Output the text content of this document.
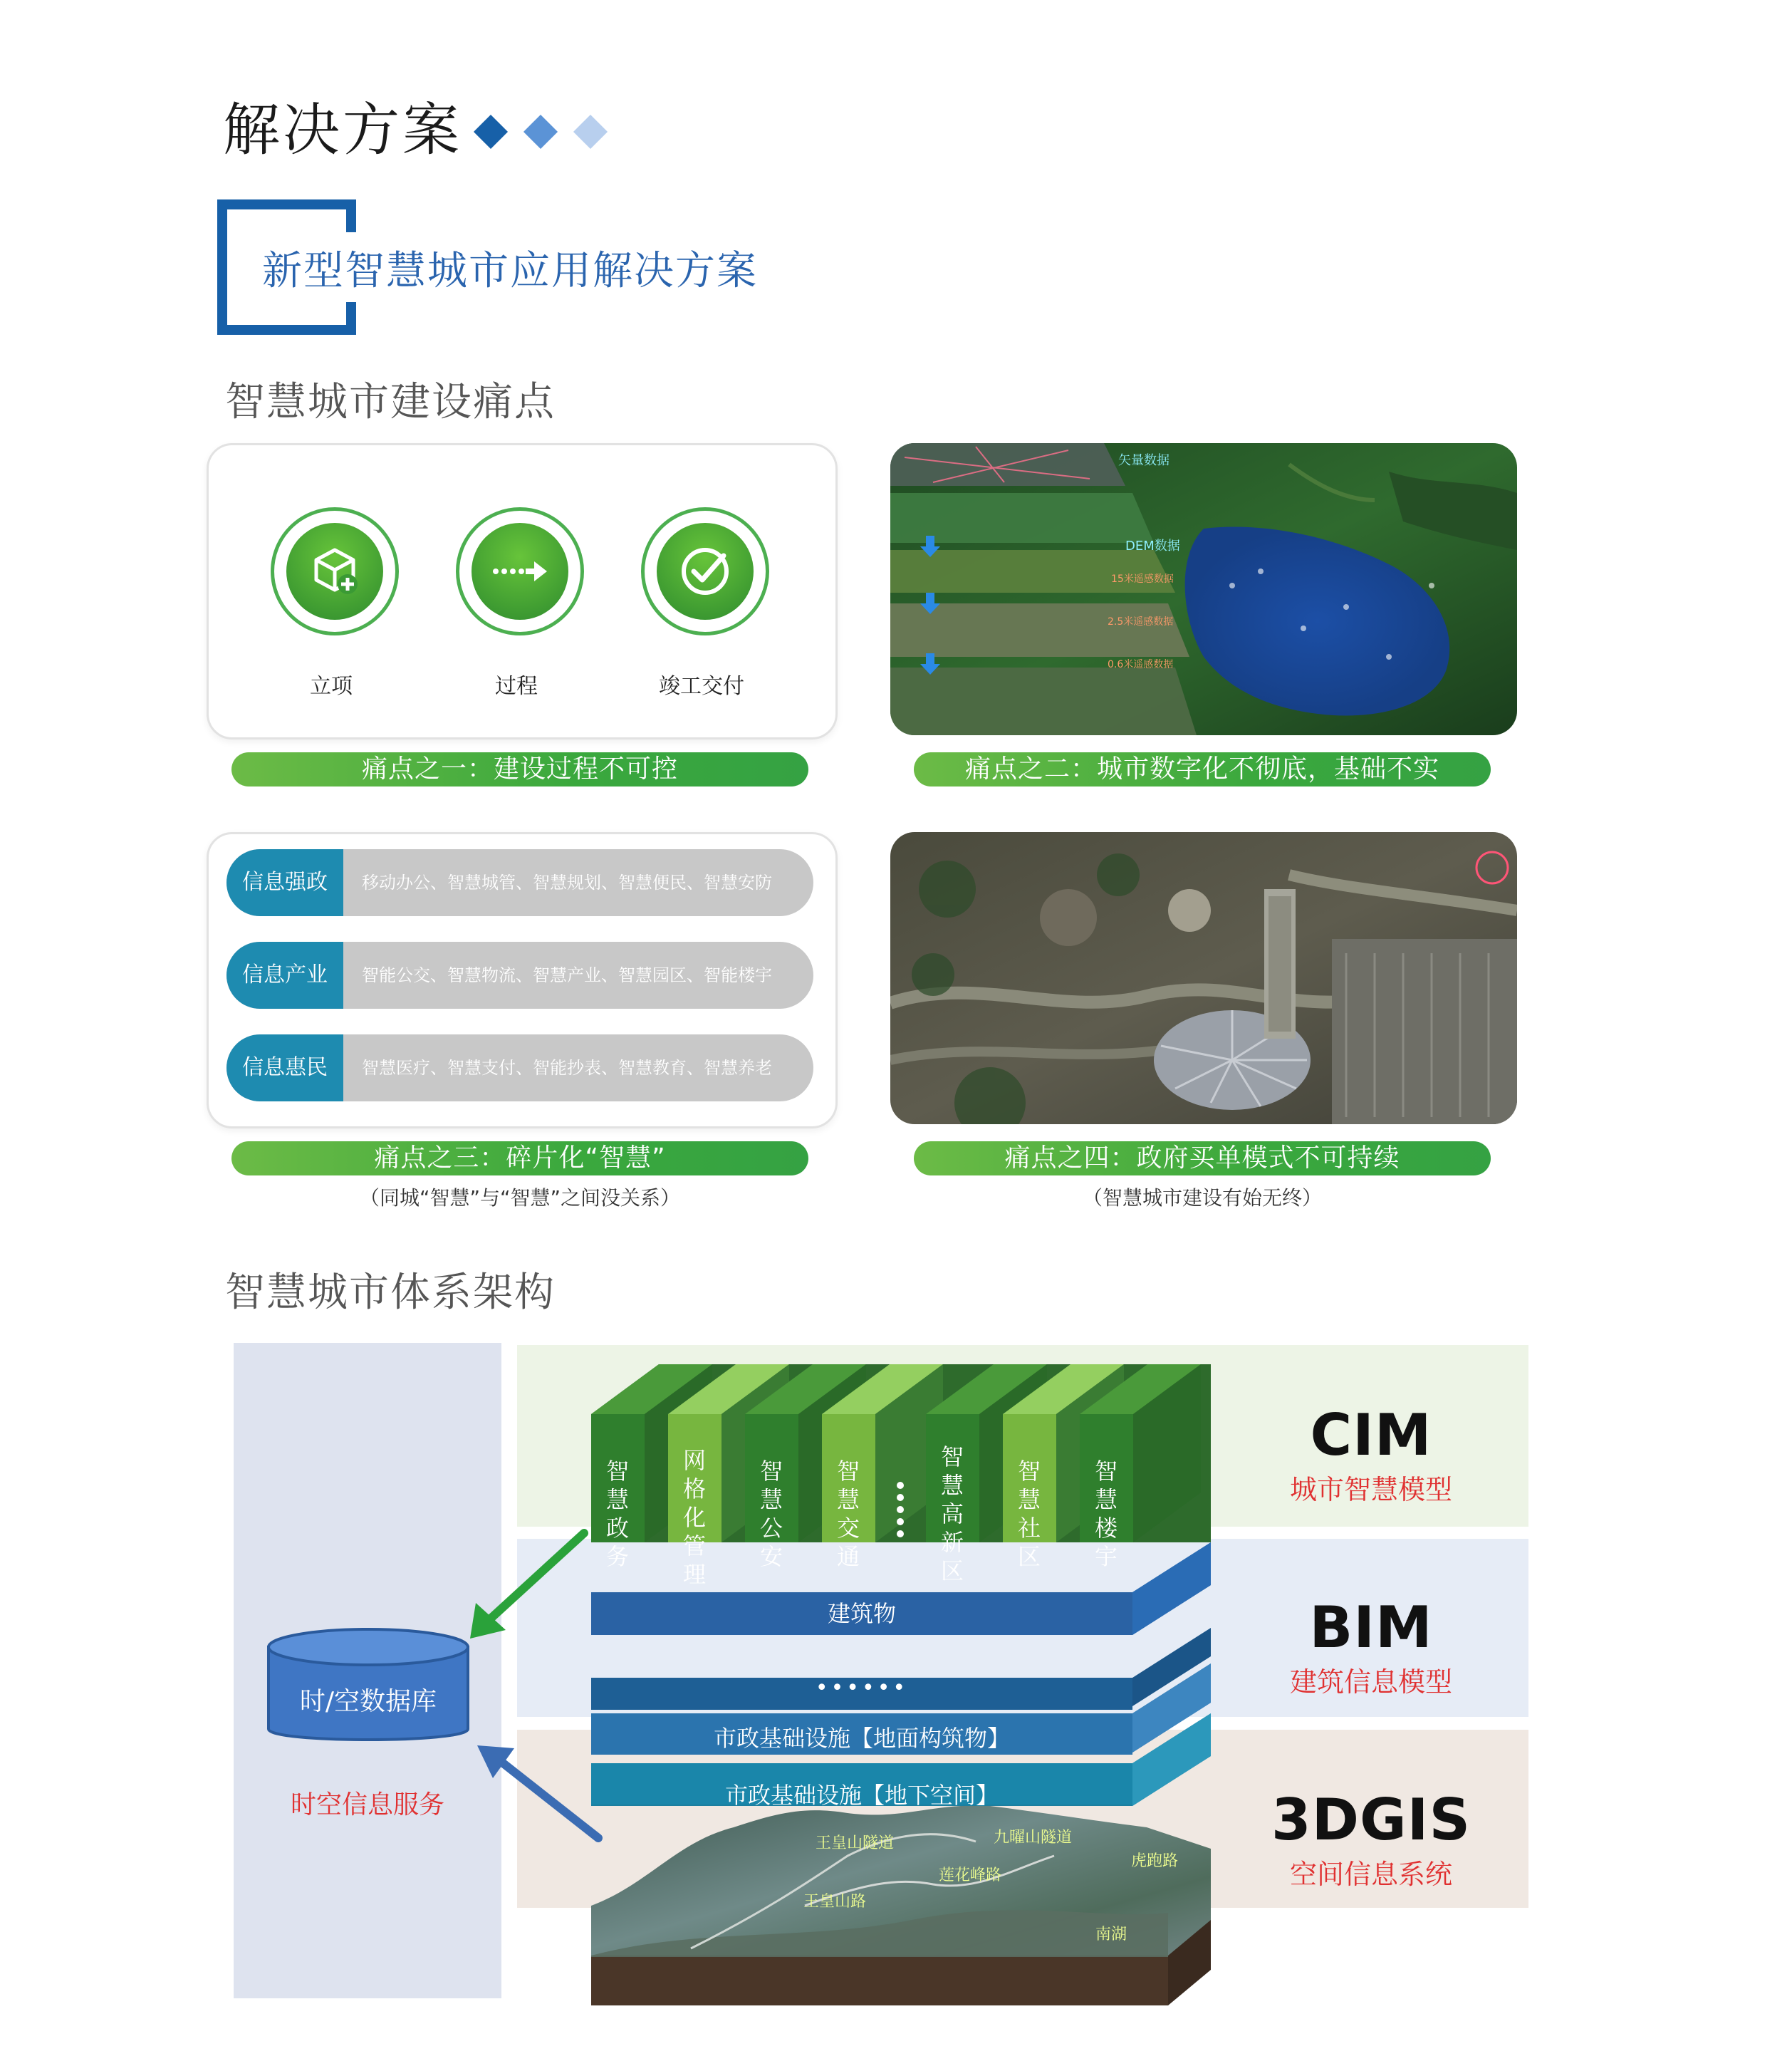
解决方案
新型智慧城市应用解决方案
智慧城市建设痛点
立项	过程	竣工交付
矢量数据
DEM数据
15米遥感数据
2.5米遥感数据
0.6米遥感数据
痛点之一：建设过程不可控	痛点之二：城市数字化不彻底，基础不实
信息强政	移动办公、智慧城管、智慧规划、智慧便民、智慧安防
信息产业	智能公交、智慧物流、智慧产业、智慧园区、智能楼宇
信息惠民	智慧医疗、智慧支付、智能抄表、智慧教育、智慧养老
痛点之三：碎片化“智慧”
（同城“智慧”与“智慧”之间没关系）
痛点之四：政府买单模式不可持续
（智慧城市建设有始无终）
智慧城市体系架构
CIM
城市智慧模型
BIM
建筑信息模型
3DGIS
空间信息系统
王皇山隧道	九曜山隧道
莲花峰路
王皇山路
虎跑路
南湖
建筑物
••••••
市政基础设施【地面构筑物】
市政基础设施【地下空间】
智慧政务
网格化管理
智慧公安
智慧交通
智慧高新区
智慧社区
智慧楼宇
时/空数据库
时空信息服务
